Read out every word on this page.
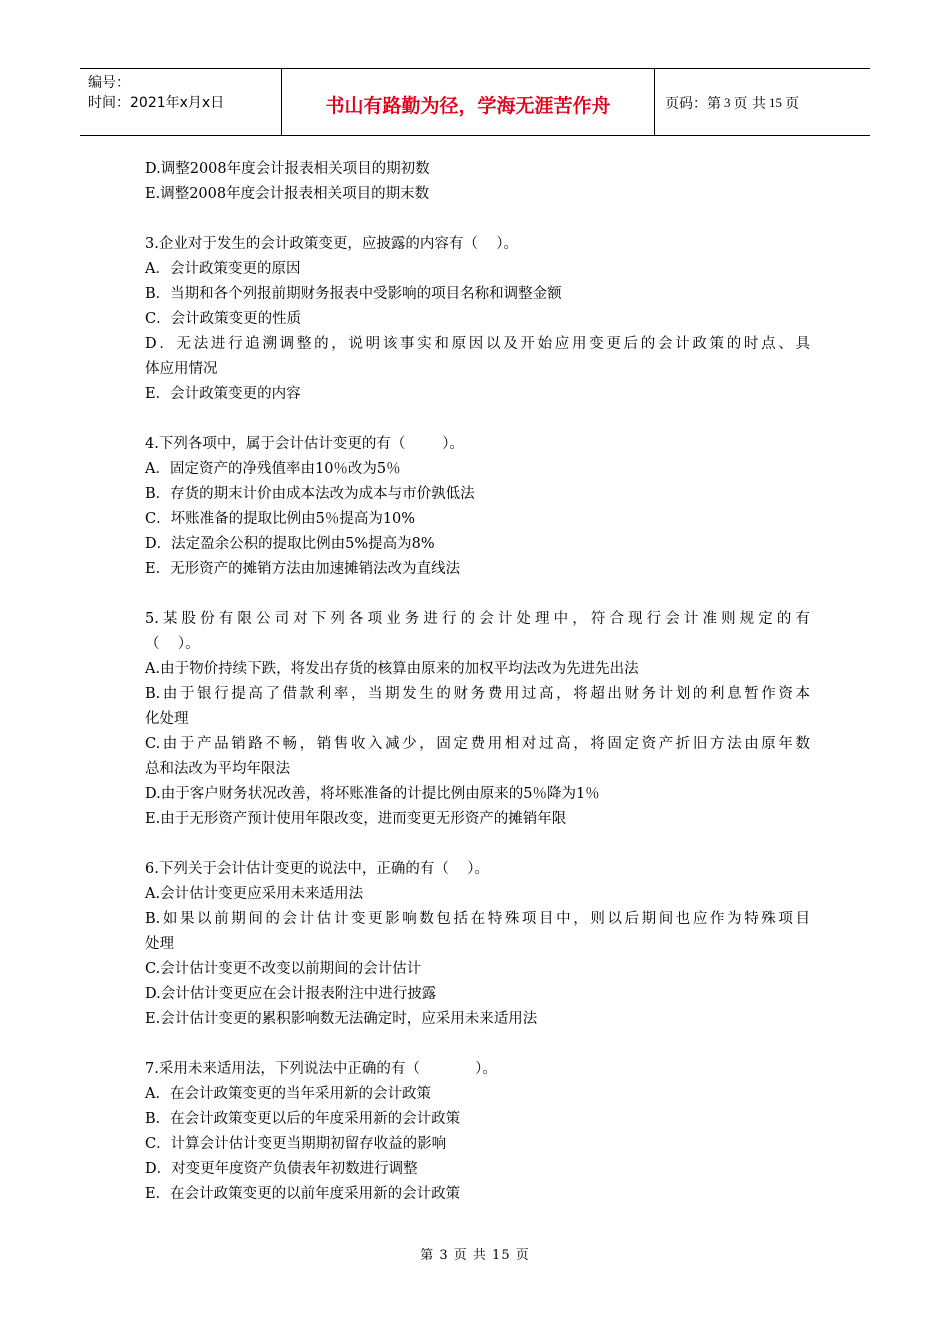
编号：
时间：2021年x月x日	书山有路勤为径，学海无涯苦作舟	页码：第 3 页 共 15 页
D.调整2008年度会计报表相关项目的期初数
E.调整2008年度会计报表相关项目的期末数
3.企业对于发生的会计政策变更，应披露的内容有（    ）。
A．会计政策变更的原因
B．当期和各个列报前期财务报表中受影响的项目名称和调整金额
C．会计政策变更的性质
D．无法进行追溯调整的，说明该事实和原因以及开始应用变更后的会计政策的时点、具
体应用情况
E．会计政策变更的内容
4.下列各项中，属于会计估计变更的有（        ）。
A．固定资产的净残值率由10％改为5％
B．存货的期末计价由成本法改为成本与市价孰低法
C．坏账准备的提取比例由5％提高为10%
D．法定盈余公积的提取比例由5%提高为8%
E．无形资产的摊销方法由加速摊销法改为直线法
5.某股份有限公司对下列各项业务进行的会计处理中，符合现行会计准则规定的有
（    ）。
A.由于物价持续下跌，将发出存货的核算由原来的加权平均法改为先进先出法
B.由于银行提高了借款利率，当期发生的财务费用过高，将超出财务计划的利息暂作资本
化处理
C.由于产品销路不畅，销售收入减少，固定费用相对过高，将固定资产折旧方法由原年数
总和法改为平均年限法
D.由于客户财务状况改善，将坏账准备的计提比例由原来的5％降为1％
E.由于无形资产预计使用年限改变，进而变更无形资产的摊销年限
6.下列关于会计估计变更的说法中，正确的有（    ）。
A.会计估计变更应采用未来适用法
B.如果以前期间的会计估计变更影响数包括在特殊项目中，则以后期间也应作为特殊项目
处理
C.会计估计变更不改变以前期间的会计估计
D.会计估计变更应在会计报表附注中进行披露
E.会计估计变更的累积影响数无法确定时，应采用未来适用法
7.采用未来适用法，下列说法中正确的有（            ）。
A．在会计政策变更的当年采用新的会计政策
B．在会计政策变更以后的年度采用新的会计政策
C．计算会计估计变更当期期初留存收益的影响
D．对变更年度资产负债表年初数进行调整
E．在会计政策变更的以前年度采用新的会计政策
第 3 页 共 15 页
